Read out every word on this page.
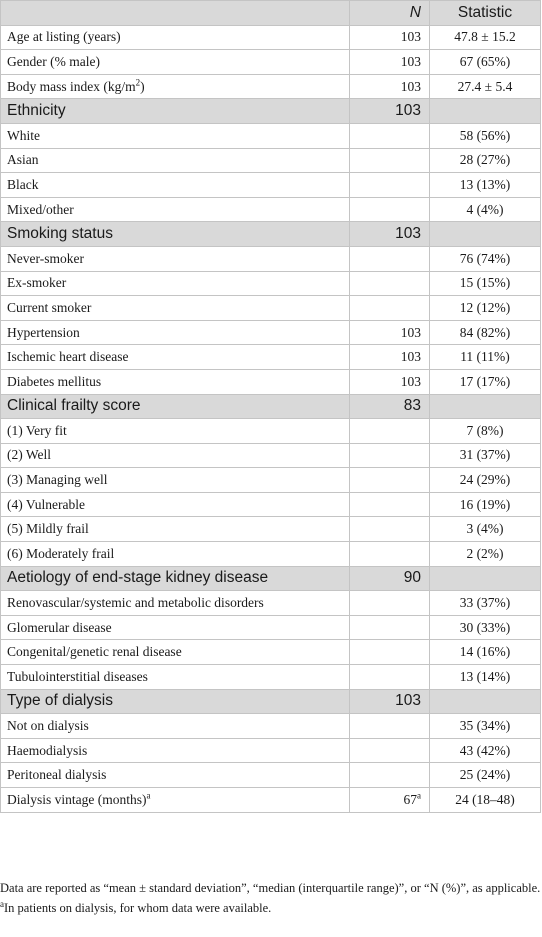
	N	Statistic
Age at listing (years)	103	47.8 ± 15.2
Gender (% male)	103	67 (65%)
Body mass index $(kg/m^2)$	103	27.4 ± 5.4
Ethnicity	103	
White		58 (56%)
Asian		28 (27%)
Black		13 (13%)
Mixed/other		4 (4%)
Smoking status	103	
Never-smoker		76 (74%)
Ex-smoker		15 (15%)
Current smoker		12 (12%)
Hypertension	103	84 (82%)
Ischemic heart disease	103	11 (11%)
Diabetes mellitus	103	17 (17%)
Clinical frailty score	83	
(1) Very fit		7 (8%)
(2) Well		31 (37%)
(3) Managing well		24 (29%)
(4) Vulnerable		16 (19%)
(5) Mildly frail		3 (4%)
(6) Moderately frail		2 (2%)
Aetiology of end-stage kidney disease	90	
Renovascular/systemic and metabolic disorders		33 (37%)
Glomerular disease		30 (33%)
Congenital/genetic renal disease		14 (16%)
Tubulointerstitial diseases		13 (14%)
Type of dialysis	103	
Not on dialysis		35 (34%)
Haemodialysis		43 (42%)
Peritoneal dialysis		25 (24%)
Dialysis vintage (months)$^a$	67$^a$	24 (18–48)

Data are reported as “mean ± standard deviation”, “median (interquartile range)”, or “N (%)”, as applicable.

$^a$In patients on dialysis, for whom data were available.
